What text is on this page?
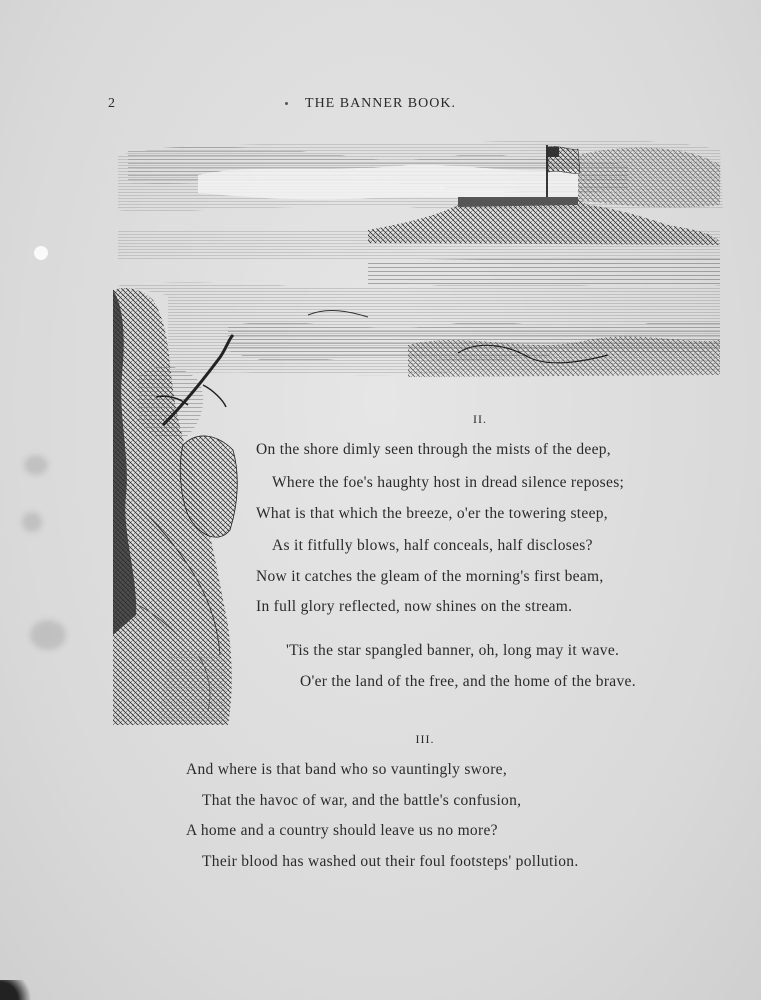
2	THE BANNER BOOK.
II.
On the shore dimly seen through the mists of the deep,
Where the foe's haughty host in dread silence reposes;
What is that which the breeze, o'er the towering steep,
As it fitfully blows, half conceals, half discloses?
Now it catches the gleam of the morning's first beam,
In full glory reflected, now shines on the stream.
'Tis the star spangled banner, oh, long may it wave.
O'er the land of the free, and the home of the brave.
III.
And where is that band who so vauntingly swore,
That the havoc of war, and the battle's confusion,
A home and a country should leave us no more?
Their blood has washed out their foul footsteps' pollution.
